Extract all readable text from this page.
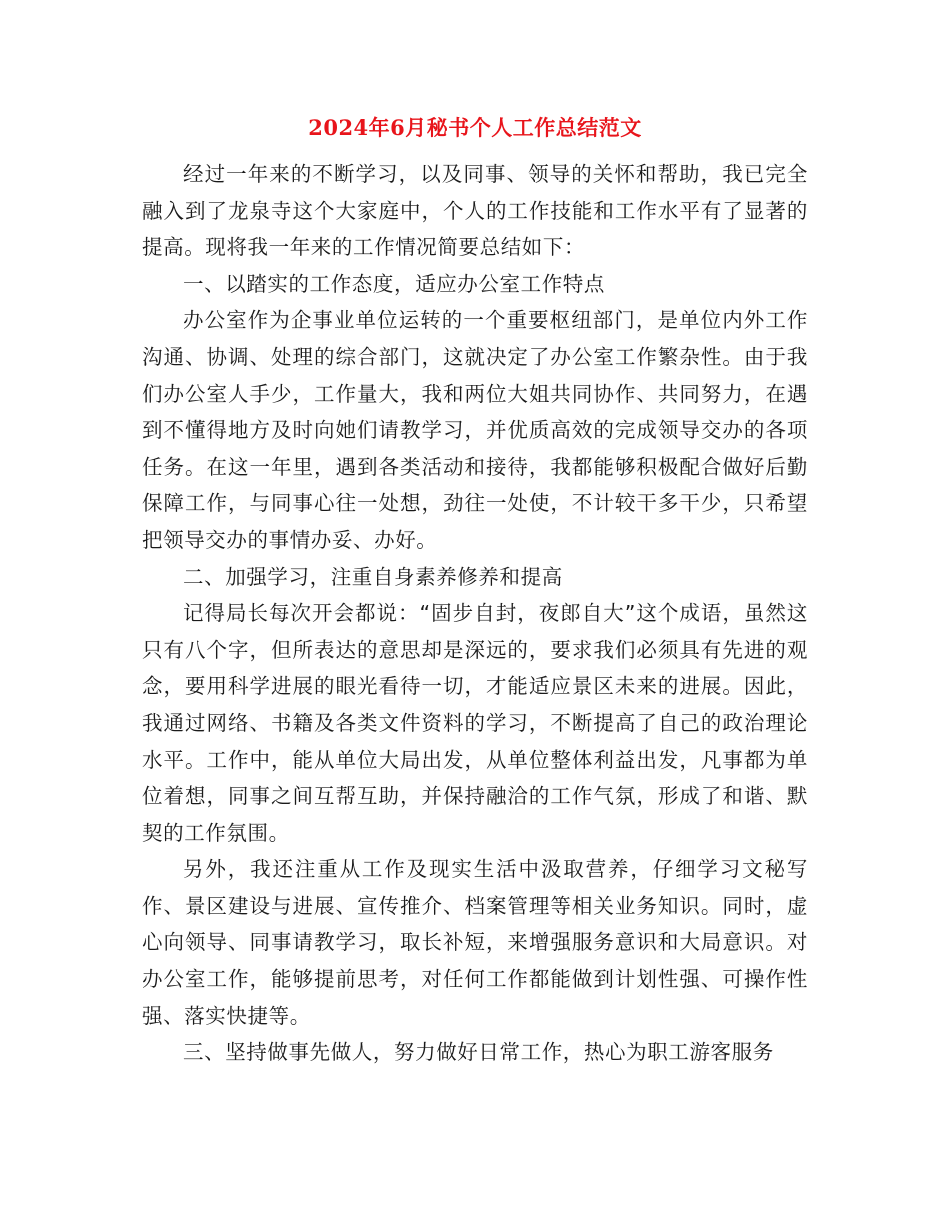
2024年6月秘书个人工作总结范文

经过一年来的不断学习，以及同事、领导的关怀和帮助，我已完全融入到了龙泉寺这个大家庭中，个人的工作技能和工作水平有了显著的提高。现将我一年来的工作情况简要总结如下：

一、以踏实的工作态度，适应办公室工作特点

办公室作为企事业单位运转的一个重要枢纽部门，是单位内外工作沟通、协调、处理的综合部门，这就决定了办公室工作繁杂性。由于我们办公室人手少，工作量大，我和两位大姐共同协作、共同努力，在遇到不懂得地方及时向她们请教学习，并优质高效的完成领导交办的各项任务。在这一年里，遇到各类活动和接待，我都能够积极配合做好后勤保障工作，与同事心往一处想，劲往一处使，不计较干多干少，只希望把领导交办的事情办妥、办好。

二、加强学习，注重自身素养修养和提高

记得局长每次开会都说：“固步自封，夜郎自大”这个成语，虽然这只有八个字，但所表达的意思却是深远的，要求我们必须具有先进的观念，要用科学进展的眼光看待一切，才能适应景区未来的进展。因此，我通过网络、书籍及各类文件资料的学习，不断提高了自己的政治理论水平。工作中，能从单位大局出发，从单位整体利益出发，凡事都为单位着想，同事之间互帮互助，并保持融洽的工作气氛，形成了和谐、默契的工作氛围。

另外，我还注重从工作及现实生活中汲取营养，仔细学习文秘写作、景区建设与进展、宣传推介、档案管理等相关业务知识。同时，虚心向领导、同事请教学习，取长补短，来增强服务意识和大局意识。对办公室工作，能够提前思考，对任何工作都能做到计划性强、可操作性强、落实快捷等。

三、坚持做事先做人，努力做好日常工作，热心为职工游客服务
